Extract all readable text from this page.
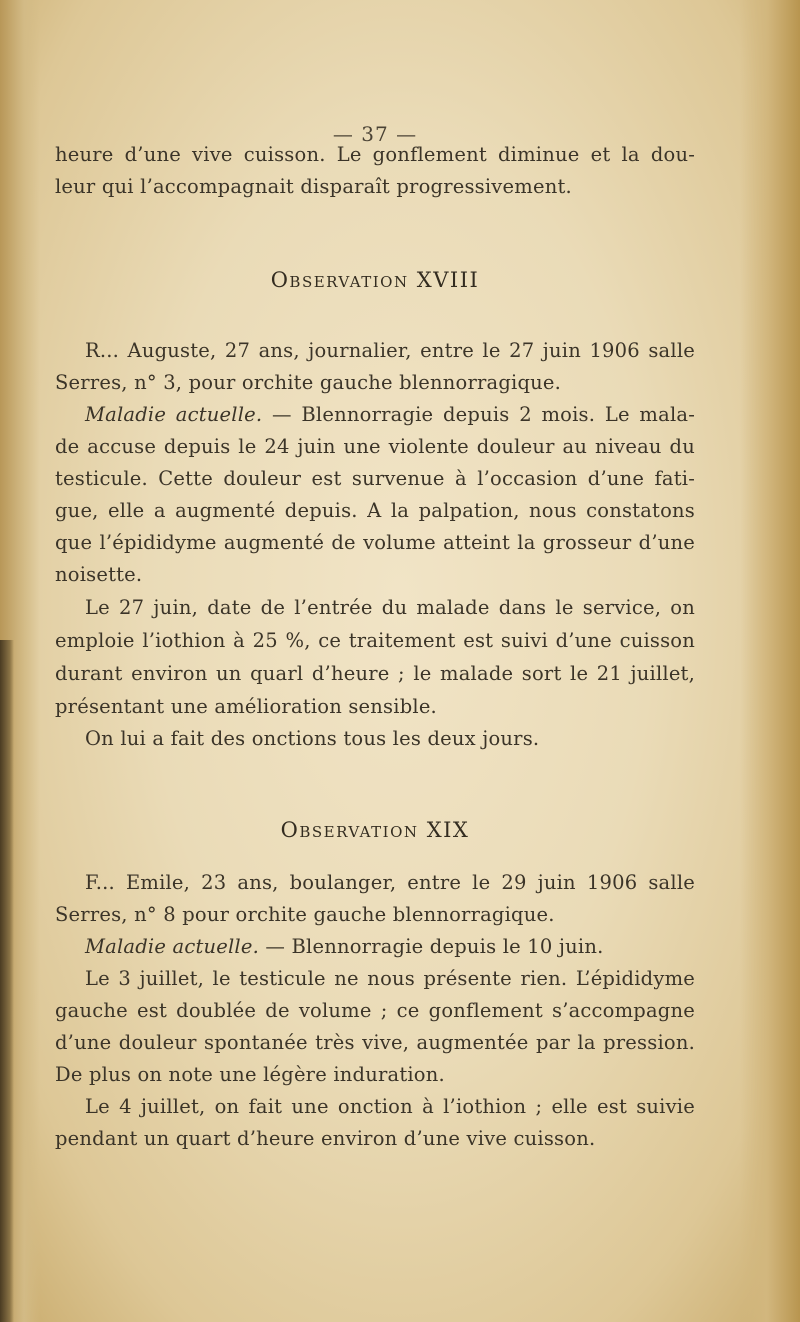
— 37 —
heure d’une vive cuisson. Le gonflement diminue et la dou-
leur qui l’accompagnait disparaît progressivement.
Observation XVIII
R... Auguste, 27 ans, journalier, entre le 27 juin 1906 salle
Serres, n° 3, pour orchite gauche blennorragique.
Maladie actuelle. — Blennorragie depuis 2 mois. Le mala-
de accuse depuis le 24 juin une violente douleur au niveau du
testicule. Cette douleur est survenue à l’occasion d’une fati-
gue, elle a augmenté depuis. A la palpation, nous constatons
que l’épididyme augmenté de volume atteint la grosseur d’une
noisette.
Le 27 juin, date de l’entrée du malade dans le service, on
emploie l’iothion à 25 %, ce traitement est suivi d’une cuisson
durant environ un quarl d’heure ; le malade sort le 21 juillet,
présentant une amélioration sensible.
On lui a fait des onctions tous les deux jours.
Observation XIX
F... Emile, 23 ans, boulanger, entre le 29 juin 1906 salle
Serres, n° 8 pour orchite gauche blennorragique.
Maladie actuelle. — Blennorragie depuis le 10 juin.
Le 3 juillet, le testicule ne nous présente rien. L’épididyme
gauche est doublée de volume ; ce gonflement s’accompagne
d’une douleur spontanée très vive, augmentée par la pression.
De plus on note une légère induration.
Le 4 juillet, on fait une onction à l’iothion ; elle est suivie
pendant un quart d’heure environ d’une vive cuisson.
